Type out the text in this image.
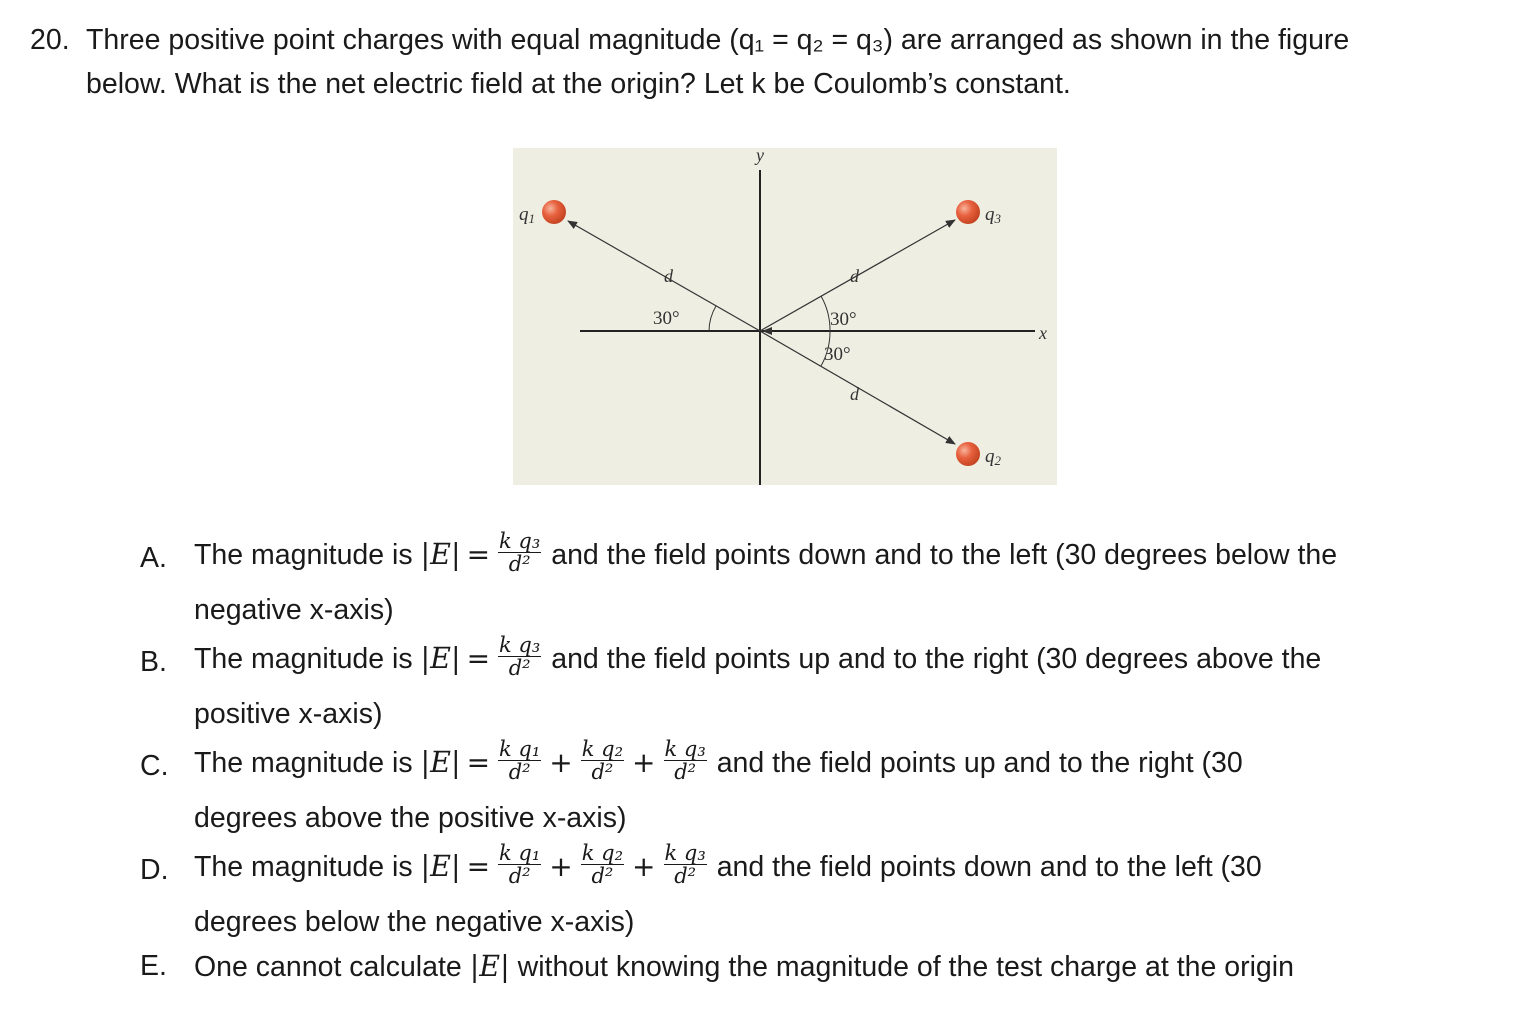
20. Three positive point charges with equal magnitude (q₁ = q₂ = q₃) are arranged as shown in the figure
below. What is the net electric field at the origin? Let k be Coulomb’s constant.
x
y
30°	30°
30°
d	d
d
q1	q3
q2
A. The magnitude is $|E| = \frac{\text{k q₃}}{\text{d²}}$ and the field points down and to the left (30 degrees below the
negative x-axis)
B. The magnitude is $|E| = \frac{\text{k q₃}}{\text{d²}}$ and the field points up and to the right (30 degrees above the
positive x-axis)
C. The magnitude is $|E| = \frac{\text{k q₁}}{\text{d²}} + \frac{\text{k q₂}}{\text{d²}} + \frac{\text{k q₃}}{\text{d²}}$ and the field points up and to the right (30
degrees above the positive x-axis)
D. The magnitude is $|E| = \frac{\text{k q₁}}{\text{d²}} + \frac{\text{k q₂}}{\text{d²}} + \frac{\text{k q₃}}{\text{d²}}$ and the field points down and to the left (30
degrees below the negative x-axis)
E. One cannot calculate |E| without knowing the magnitude of the test charge at the origin
